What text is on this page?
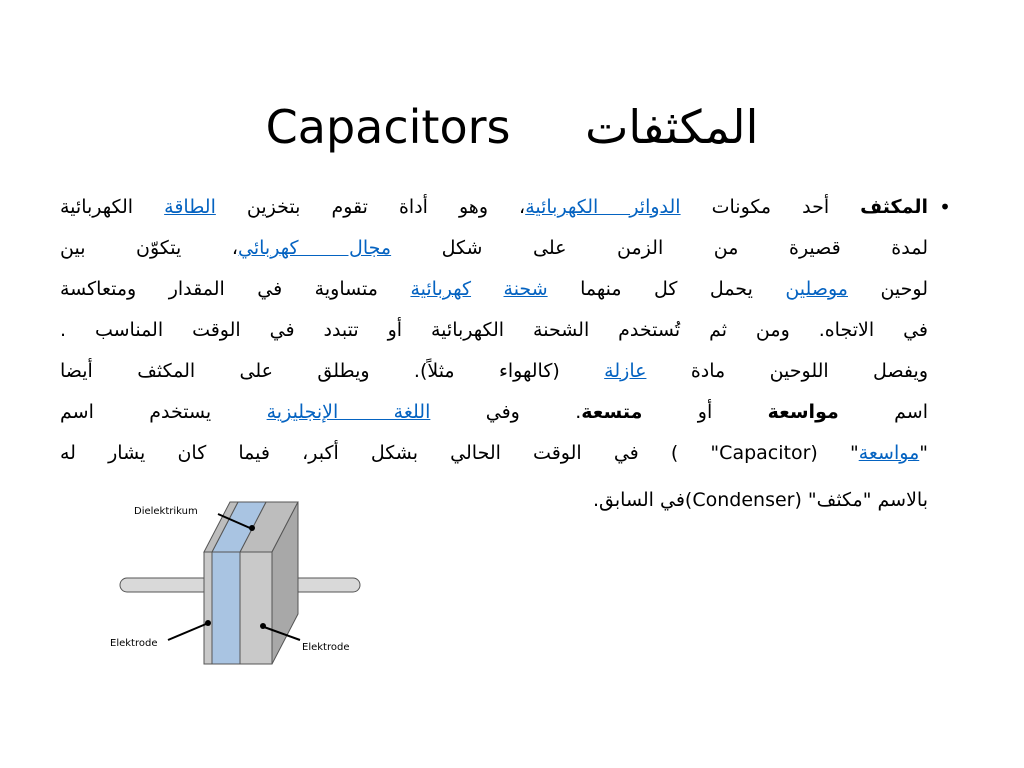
Capacitors المكثفات
•
المكثف أحد مكونات الدوائر الكهربائية، وهو أداة تقوم بتخزين الطاقة الكهربائية
لمدة قصيرة من الزمن على شكل مجال كهربائي، يتكوّن بين
لوحين موصلين يحمل كل منهما شحنة كهربائية متساوية في المقدار ومتعاكسة
في الاتجاه. ومن ثم تُستخدم الشحنة الكهربائية أو تتبدد في الوقت المناسب .
ويفصل اللوحين مادة عازلة (كالهواء مثلاً). ويطلق على المكثف أيضا
اسم مواسعة أو متسعة. وفي اللغة الإنجليزية يستخدم اسم
"مواسعة" (Capacitor" ) في الوقت الحالي بشكل أكبر، فيما كان يشار له
بالاسم "مكثف" (Condenser)في السابق.
Dielektrikum
Elektrode	Elektrode
